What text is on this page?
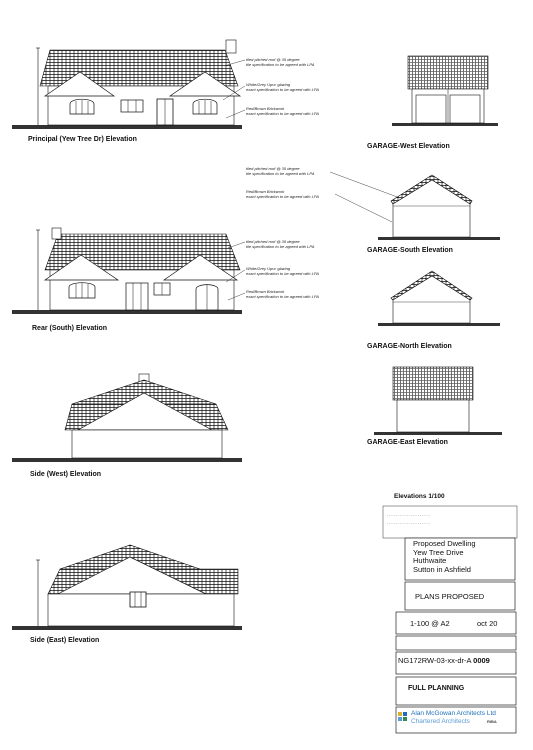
Principal (Yew Tree Dr) Elevation
Rear (South) Elevation
Side (West) Elevation
Side (East) Elevation
GARAGE-West Elevation
GARAGE-South Elevation
GARAGE-North Elevation
GARAGE-East Elevation
tiled pitched roof @ 35 degree
tile specification to be agreed with LPA
White/Grey Upvc glazing
exact specification to be agreed with LPA
Red/Brown Brickwork
exact specification to be agreed with LPA
tiled pitched roof @ 35 degree
tile specification to be agreed with LPA
White/Grey Upvc glazing
exact specification to be agreed with LPA
Red/Brown Brickwork
exact specification to be agreed with LPA
tiled pitched roof @ 35 degree
tile specification to be agreed with LPA
Red/Brown Brickwork
exact specification to be agreed with LPA
Elevations 1/100
- - - - - - - - - - - - - - - - - - - - - - - -
- - - - - - - - - - - - - - - - - - - - - - - -
Proposed Dwelling
Yew Tree Drive
Huthwaite
Sutton in Ashfield
PLANS PROPOSED
1-100 @ A2	oct 20
NG172RW-03-xx-dr-A 0009
FULL PLANNING
Alan McGowan Architects Ltd
Chartered Architects	RIBA
